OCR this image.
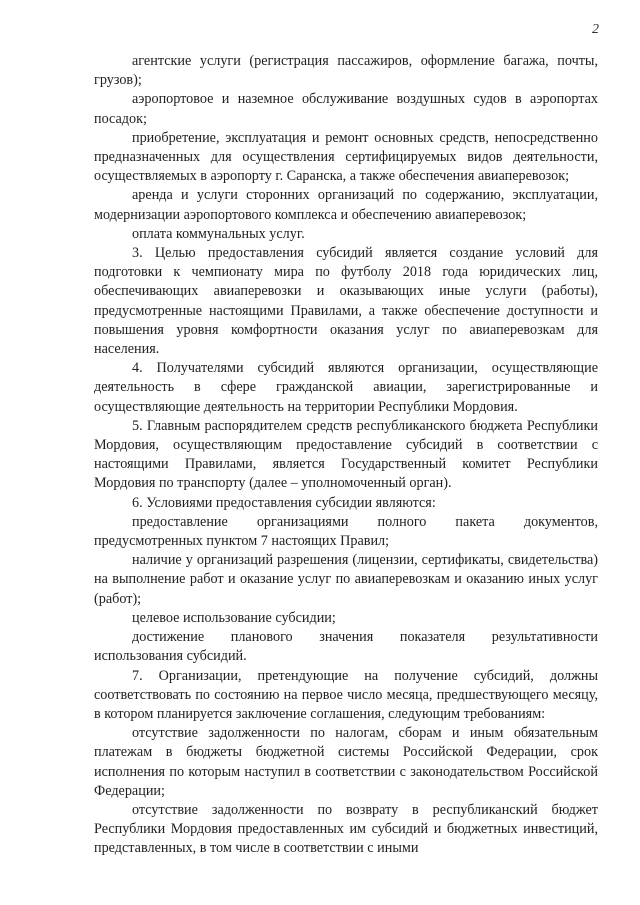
2

агентские услуги (регистрация пассажиров, оформление багажа, почты, грузов);

аэропортовое и наземное обслуживание воздушных судов в аэропортах посадок;

приобретение, эксплуатация и ремонт основных средств, непосредственно предназначенных для осуществления сертифицируемых видов деятельности, осуществляемых в аэропорту г. Саранска, а также обеспечения авиаперевозок;

аренда и услуги сторонних организаций по содержанию, эксплуатации, модернизации аэропортового комплекса и обеспечению авиаперевозок;

оплата коммунальных услуг.

3. Целью предоставления субсидий является создание условий для подготовки к чемпионату мира по футболу 2018 года юридических лиц, обеспечивающих авиаперевозки и оказывающих иные услуги (работы), предусмотренные настоящими Правилами, а также обеспечение доступности и повышения уровня комфортности оказания услуг по авиаперевозкам для населения.

4. Получателями субсидий являются организации, осуществляющие деятельность в сфере гражданской авиации, зарегистрированные и осуществляющие деятельность на территории Республики Мордовия.

5. Главным распорядителем средств республиканского бюджета Республики Мордовия, осуществляющим предоставление субсидий в соответствии с настоящими Правилами, является Государственный комитет Республики Мордовия по транспорту (далее – уполномоченный орган).

6. Условиями предоставления субсидии являются:

предоставление организациями полного пакета документов, предусмотренных пунктом 7 настоящих Правил;

наличие у организаций разрешения (лицензии, сертификаты, свидетельства) на выполнение работ и оказание услуг по авиаперевозкам и оказанию иных услуг (работ);

целевое использование субсидии;

достижение планового значения показателя результативности использования субсидий.

7. Организации, претендующие на получение субсидий, должны соответствовать по состоянию на первое число месяца, предшествующего месяцу, в котором планируется заключение соглашения, следующим требованиям:

отсутствие задолженности по налогам, сборам и иным обязательным платежам в бюджеты бюджетной системы Российской Федерации, срок исполнения по которым наступил в соответствии с законодательством Российской Федерации;

отсутствие задолженности по возврату в республиканский бюджет Республики Мордовия предоставленных им субсидий и бюджетных инвестиций, представленных, в том числе в соответствии с иными
